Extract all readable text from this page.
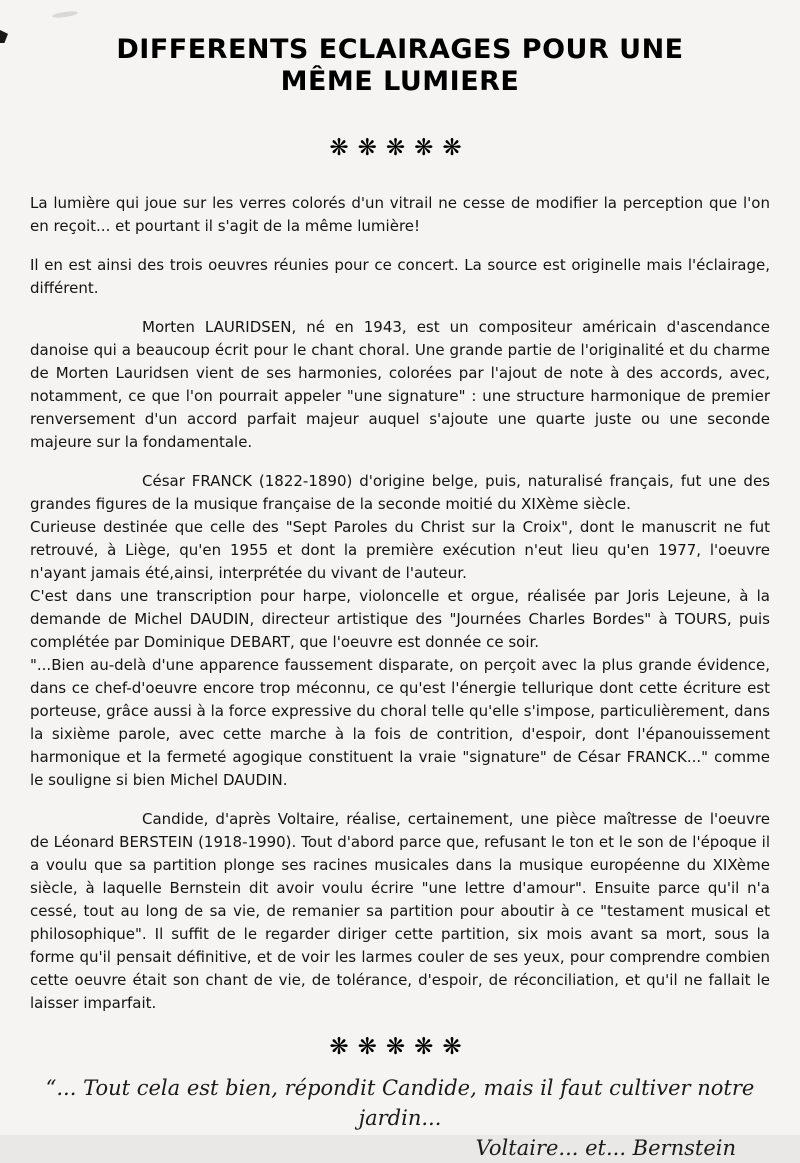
DIFFERENTS ECLAIRAGES POUR UNE
MÊME LUMIERE
❋❋❋❋❋

La lumière qui joue sur les verres colorés d'un vitrail ne cesse de modifier la perception que l'on en reçoit... et pourtant il s'agit de la même lumière!

Il en est ainsi des trois oeuvres réunies pour ce concert. La source est originelle mais l'éclairage, différent.

Morten LAURIDSEN, né en 1943, est un compositeur américain d'ascendance danoise qui a beaucoup écrit pour le chant choral. Une grande partie de l'originalité et du charme de Morten Lauridsen vient de ses harmonies, colorées par l'ajout de note à des accords, avec, notamment, ce que l'on pourrait appeler "une signature" : une structure harmonique de premier renversement d'un accord parfait majeur auquel s'ajoute une quarte juste ou une seconde majeure sur la fondamentale.

César FRANCK (1822-1890) d'origine belge, puis, naturalisé français, fut une des grandes figures de la musique française de la seconde moitié du XIXème siècle.

Curieuse destinée que celle des "Sept Paroles du Christ sur la Croix", dont le manuscrit ne fut retrouvé, à Liège, qu'en 1955 et dont la première exécution n'eut lieu qu'en 1977, l'oeuvre n'ayant jamais été,ainsi, interprétée du vivant de l'auteur.

C'est dans une transcription pour harpe, violoncelle et orgue, réalisée par Joris Lejeune, à la demande de Michel DAUDIN, directeur artistique des "Journées Charles Bordes" à TOURS, puis complétée par Dominique DEBART, que l'oeuvre est donnée ce soir.

"...Bien au-delà d'une apparence faussement disparate, on perçoit avec la plus grande évidence, dans ce chef-d'oeuvre encore trop méconnu, ce qu'est l'énergie tellurique dont cette écriture est porteuse, grâce aussi à la force expressive du choral telle qu'elle s'impose, particulièrement, dans la sixième parole, avec cette marche à la fois de contrition, d'espoir, dont l'épanouissement harmonique et la fermeté agogique constituent la vraie "signature" de César FRANCK..." comme le souligne si bien Michel DAUDIN.

Candide, d'après Voltaire, réalise, certainement, une pièce maîtresse de l'oeuvre de Léonard BERSTEIN (1918-1990). Tout d'abord parce que, refusant le ton et le son de l'époque il a voulu que sa partition plonge ses racines musicales dans la musique européenne du XIXème siècle, à laquelle Bernstein dit avoir voulu écrire "une lettre d'amour". Ensuite parce qu'il n'a cessé, tout au long de sa vie, de remanier sa partition pour aboutir à ce "testament musical et philosophique". Il suffit de le regarder diriger cette partition, six mois avant sa mort, sous la forme qu'il pensait définitive, et de voir les larmes couler de ses yeux, pour comprendre combien cette oeuvre était son chant de vie, de tolérance, d'espoir, de réconciliation, et qu'il ne fallait le laisser imparfait.

❋❋❋❋❋
“... Tout cela est bien, répondit Candide, mais il faut cultiver notre jardin...
Voltaire... et... Bernstein
